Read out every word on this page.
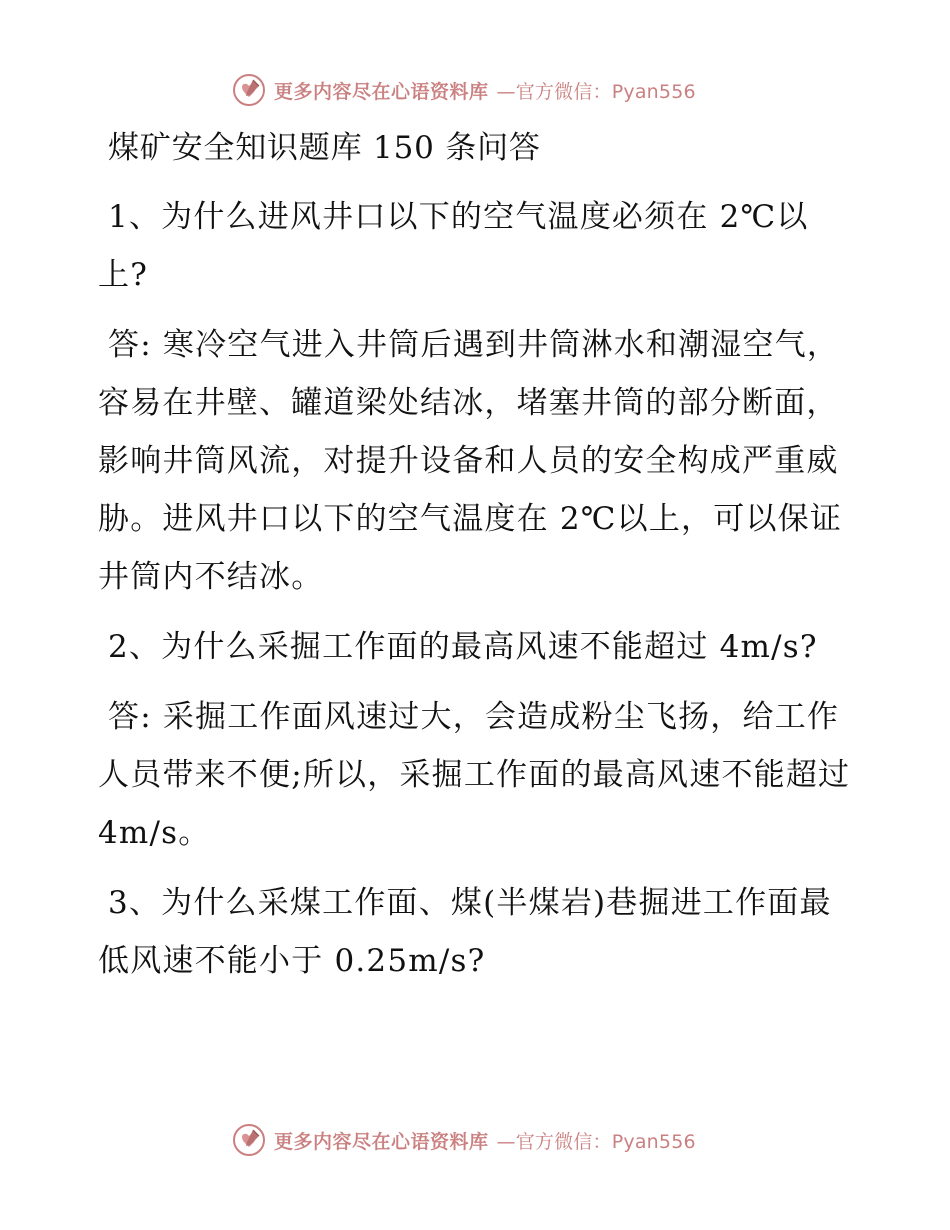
更多内容尽在心语资料库 —官方微信：Pyan556
煤矿安全知识题库 150 条问答

1、为什么进风井口以下的空气温度必须在 2℃以上?

答: 寒冷空气进入井筒后遇到井筒淋水和潮湿空气，容易在井壁、罐道梁处结冰，堵塞井筒的部分断面，影响井筒风流，对提升设备和人员的安全构成严重威胁。进风井口以下的空气温度在 2℃以上，可以保证井筒内不结冰。

2、为什么采掘工作面的最高风速不能超过 4m/s?

答: 采掘工作面风速过大，会造成粉尘飞扬，给工作人员带来不便;所以，采掘工作面的最高风速不能超过 4m/s。

3、为什么采煤工作面、煤(半煤岩)巷掘进工作面最低风速不能小于 0.25m/s?

更多内容尽在心语资料库 —官方微信：Pyan556
